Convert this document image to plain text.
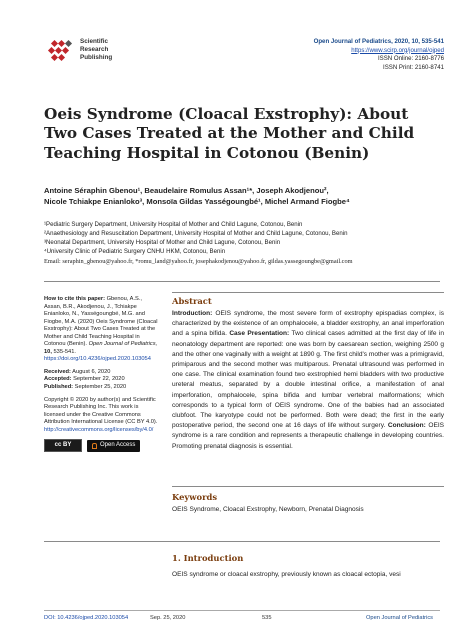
Scientific
Research
Publishing
Open Journal of Pediatrics, 2020, 10, 535-541
https://www.scirp.org/journal/ojped
ISSN Online: 2160-8776
ISSN Print: 2160-8741
Oeis Syndrome (Cloacal Exstrophy): About Two Cases Treated at the Mother and Child Teaching Hospital in Cotonou (Benin)
Antoine Séraphin Gbenou¹, Beaudelaire Romulus Assan¹*, Joseph Akodjenou²,
Nicole Tchiakpe Enianloko³, Monsoïa Gildas Yasségoungbé¹, Michel Armand Fiogbe⁴
¹Pediatric Surgery Department, University Hospital of Mother and Child Lagune, Cotonou, Benin
²Anaethesiology and Resuscitation Department, University Hospital of Mother and Child Lagune, Cotonou, Benin
³Neonatal Department, University Hospital of Mother and Child Lagune, Cotonou, Benin
⁴University Clinic of Pediatric Surgery CNHU HKM, Cotonou, Benin
Email: seraphin_gbenou@yahoo.fr, *romu_land@yahoo.fr, josephakodjenou@yahoo.fr, gildas.yassegoungbe@gmail.com

How to cite this paper: Gbenou, A.S., Assan, B.R., Akodjenou, J., Tchiakpe Enianloko, N., Yasségoungbé, M.G. and Fiogbe, M.A. (2020) Oeis Syndrome (Cloacal Exstrophy): About Two Cases Treated at the Mother and Child Teaching Hospital in Cotonou (Benin). Open Journal of Pediatrics, 10, 535-541. https://doi.org/10.4236/ojped.2020.103054

Received: August 6, 2020
Accepted: September 22, 2020
Published: September 25, 2020

Copyright © 2020 by author(s) and Scientific Research Publishing Inc. This work is licensed under the Creative Commons Attribution International License (CC BY 4.0).
http://creativecommons.org/licenses/by/4.0/

cc BY	Open Access
Abstract
Introduction: OEIS syndrome, the most severe form of exstrophy epispadias complex, is characterized by the existence of an omphalocele, a bladder exstrophy, an anal imperforation and a spina bifida. Case Presentation: Two clinical cases admitted at the first day of life in neonatology department are reported: one was born by caesarean section, weighing 2500 g and the other one vaginally with a weight at 1890 g. The first child's mother was a primigravid, primiparous and the second mother was multiparous. Prenatal ultrasound was performed in one case. The clinical examination found two exstrophied hemi bladders with two productive ureteral meatus, separated by a double intestinal orifice, a manifestation of anal imperforation, omphalocele, spina bifida and lumbar vertebral malformations; which corresponds to a typical form of OEIS syndrome. One of the babies had an associated clubfoot. The karyotype could not be performed. Both were dead; the first in the early postoperative period, the second one at 16 days of life without surgery. Conclusion: OEIS syndrome is a rare condition and represents a therapeutic challenge in developing countries. Promoting prenatal diagnosis is essential.
Keywords
OEIS Syndrome, Cloacal Exstrophy, Newborn, Prenatal Diagnosis
1. Introduction
OEIS syndrome or cloacal exstrophy, previously known as cloacal ectopia, vesi
DOI: 10.4236/ojped.2020.103054	Sep. 25, 2020	535	Open Journal of Pediatrics
